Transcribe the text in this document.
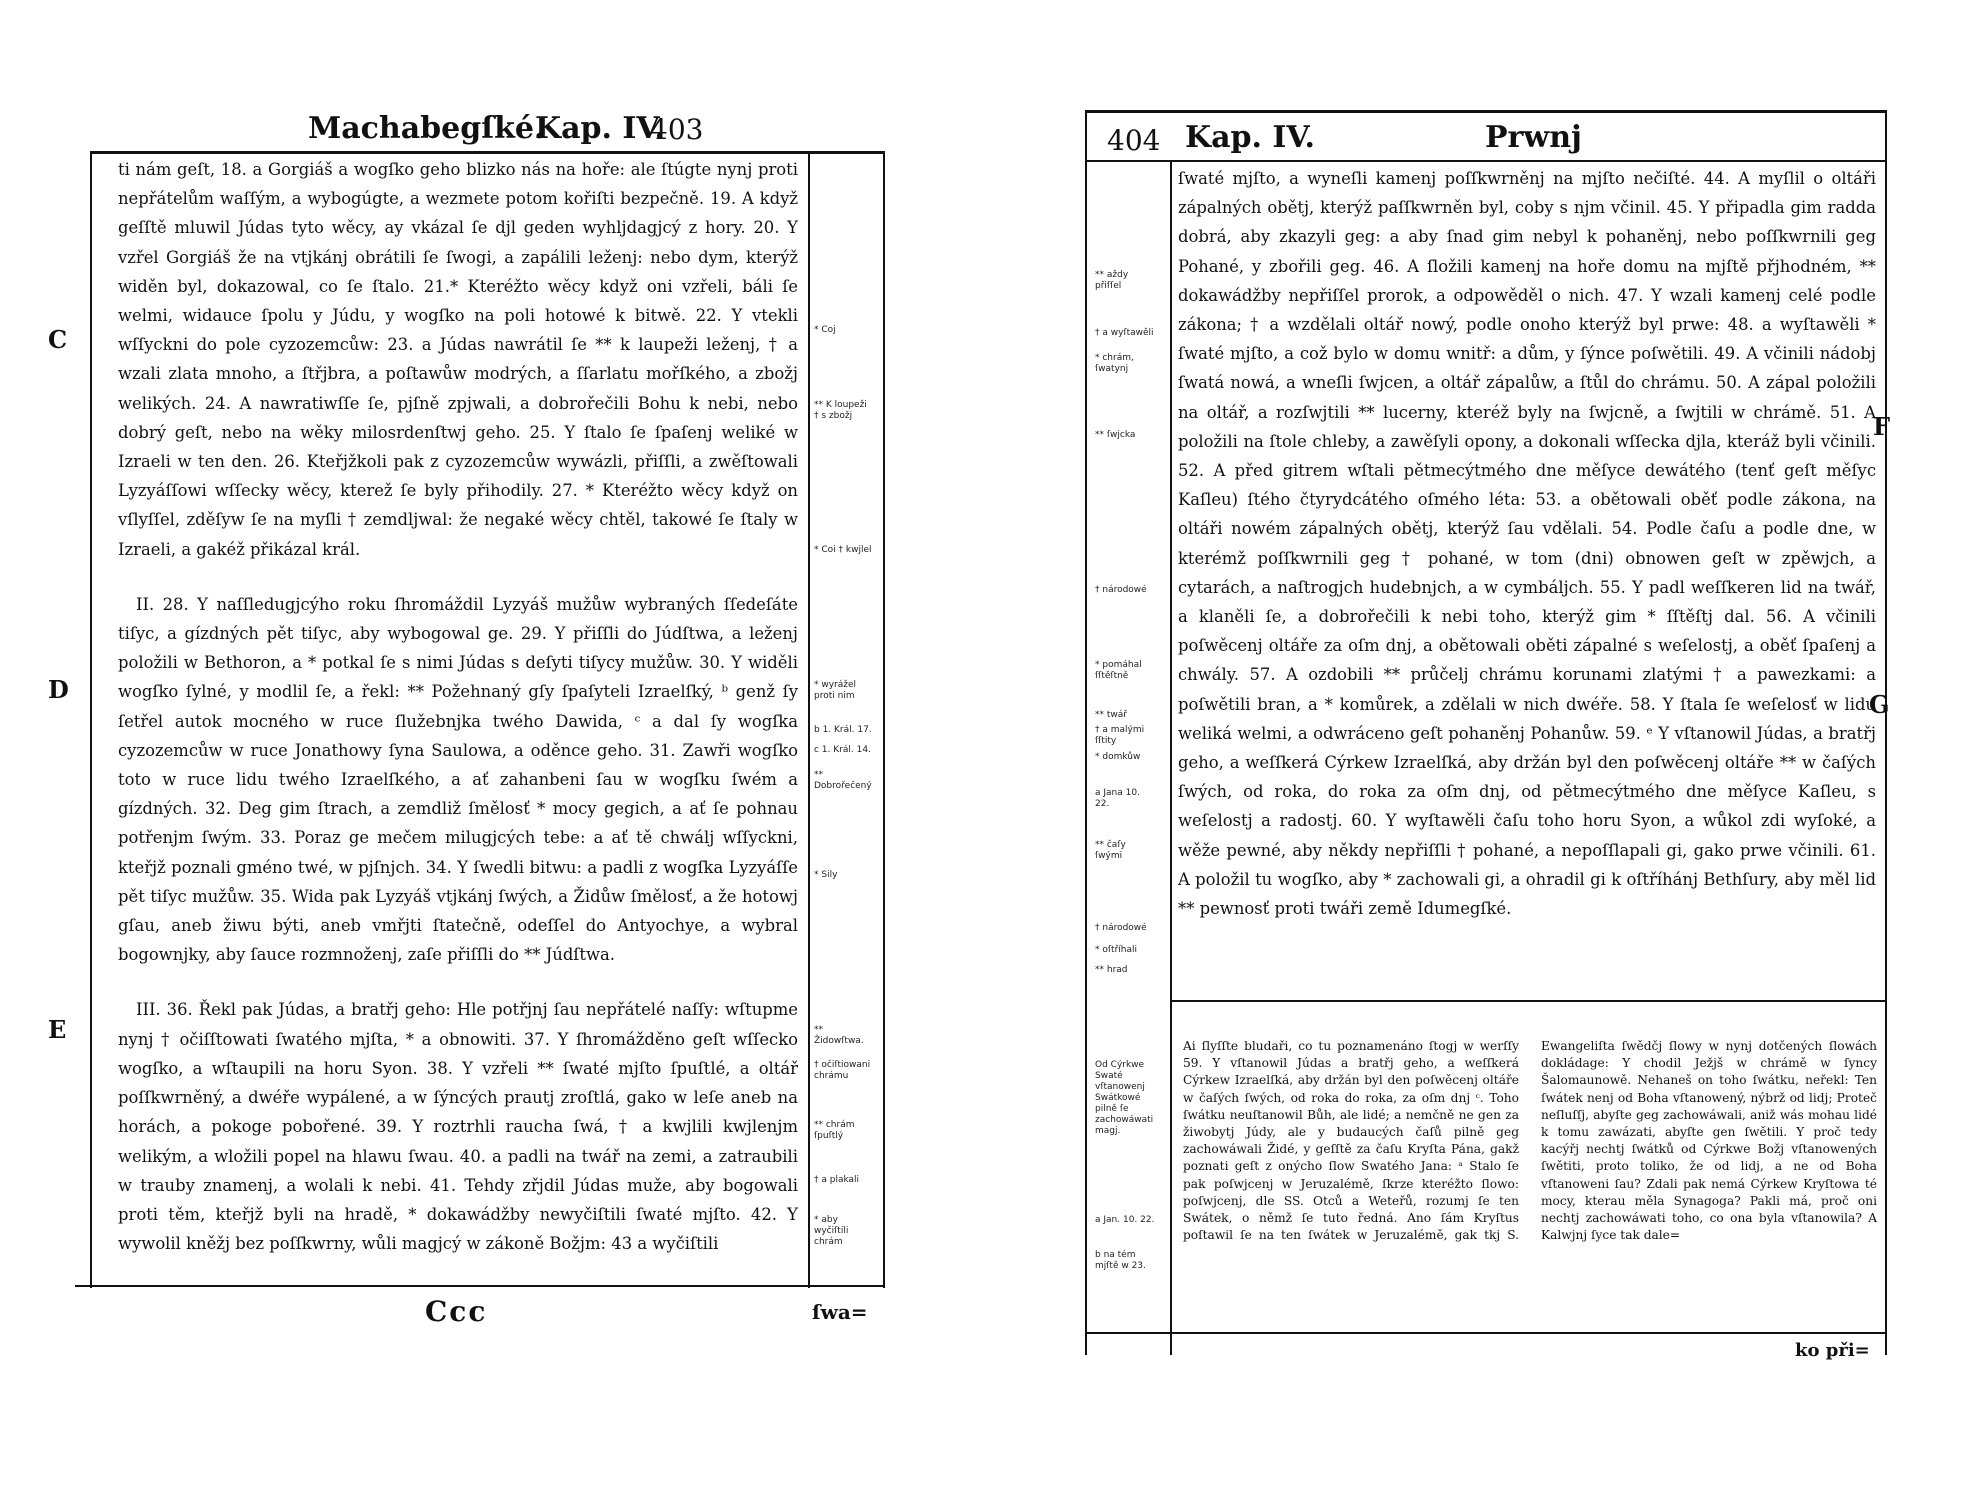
Machabegſké.
Kap. IV.
403

ti nám geſt, 18. a Gorgiáš a wogſko geho blizko nás na hoře: ale ſtúgte nynj proti nepřátelům waſſým, a wybogúgte, a wezmete potom kořiſti bezpečně. 19. A když geſſtě mluwil Júdas tyto wěcy, ay vkázal ſe djl geden wyhljdagjcý z hory. 20. Y vzřel Gorgiáš že na vtjkánj obrátili ſe ſwogi, a zapálili leženj: nebo dym, kterýž widěn byl, dokazowal, co ſe ſtalo. 21.* Kteréžto wěcy když oni vzřeli, báli ſe welmi, widauce ſpolu y Júdu, y wogſko na poli hotowé k bitwě. 22. Y vtekli wſſyckni do pole cyzozemcůw: 23. a Júdas nawrátil ſe ** k laupeži leženj, † a wzali zlata mnoho, a ſtřjbra, a poſtawůw modrých, a ſſarlatu mořſkého, a zbožj welikých. 24. A nawratiwſſe ſe, pjſně zpjwali, a dobrořečili Bohu k nebi, nebo dobrý geſt, nebo na wěky milosrdenſtwj geho. 25. Y ſtalo ſe ſpaſenj weliké w Izraeli w ten den. 26. Kteřjžkoli pak z cyzozemcůw wywázli, přiſſli, a zwěſtowali Lyzyáſſowi wſſecky wěcy, kterež ſe byly přihodily. 27. * Kteréžto wěcy když on vſlyſſel, zděſyw ſe na myſli † zemdljwal: že negaké wěcy chtěl, takowé ſe ſtaly w Izraeli, a gakéž přikázal král.

II. 28. Y naſſledugjcýho roku ſhromáždil Lyzyáš mužůw wybraných ſſedeſáte tiſyc, a gízdných pět tiſyc, aby wybogowal ge. 29. Y přiſſli do Júdſtwa, a leženj položili w Bethoron, a * potkal ſe s nimi Júdas s deſyti tiſycy mužůw. 30. Y widěli wogſko ſylné, y modlil ſe, a řekl: ** Požehnaný gſy ſpaſyteli Izraelſký, ᵇ genž ſy ſetřel autok mocného w ruce ſlužebnjka twého Dawida, ᶜ a dal ſy wogſka cyzozemcůw w ruce Jonathowy ſyna Saulowa, a oděnce geho. 31. Zawři wogſko toto w ruce lidu twého Izraelſkého, a ať zahanbeni ſau w wogſku ſwém a gízdných. 32. Deg gim ſtrach, a zemdliž ſmělosť * mocy gegich, a ať ſe pohnau potřenjm ſwým. 33. Poraz ge mečem milugjcých tebe: a ať tě chwálj wſſyckni, kteřjž poznali gméno twé, w pjſnjch. 34. Y ſwedli bitwu: a padli z wogſka Lyzyáſſe pět tiſyc mužůw. 35. Wida pak Lyzyáš vtjkánj ſwých, a Židůw ſmělosť, a že hotowj gſau, aneb žiwu býti, aneb vmřjti ſtatečně, odeſſel do Antyochye, a wybral bogownjky, aby ſauce rozmnoženj, zaſe přiſſli do ** Júdſtwa.

III. 36. Řekl pak Júdas, a bratřj geho: Hle potřjnj ſau nepřátelé naſſy: wſtupme nynj † očiſſtowati ſwatého mjſta, * a obnowiti. 37. Y ſhromážděno geſt wſſecko wogſko, a wſtaupili na horu Syon. 38. Y vzřeli ** ſwaté mjſto ſpuſtlé, a oltář poſſkwrněný, a dwéře wypálené, a w ſýncých prautj zroſtlá, gako w leſe aneb na horách, a pokoge pobořené. 39. Y roztrhli raucha ſwá, † a kwjlili kwjlenjm welikým, a wložili popel na hlawu ſwau. 40. a padli na twář na zemi, a zatraubili w trauby znamenj, a wolali k nebi. 41. Tehdy zřjdil Júdas muže, aby bogowali proti těm, kteřjž byli na hradě, * dokawádžby newyčiſtili ſwaté mjſto. 42. Y wywolil kněžj bez poſſkwrny, wůli magjcý w zákoně Božjm: 43 a wyčiſtili

* Coj
** K loupeži † s zbožj
* Coi † kwjlel
* wyrážel proti nim
b 1. Král. 17.
c 1. Král. 14.
** Dobrořečený
* Sily
** Židowſtwa.
† očiſtiowani chrámu
** chrám ſpuſtlý
† a plakali
* aby wyčiſtili chrám
C
D
E
Ccc	ſwa=
404 Kap. IV.	Prwnj

ſwaté mjſto, a wyneſli kamenj poſſkwrněnj na mjſto nečiſté. 44. A myſlil o oltáři zápalných obětj, kterýž paſſkwrněn byl, coby s njm včinil. 45. Y připadla gim radda dobrá, aby zkazyli geg: a aby ſnad gim nebyl k pohaněnj, nebo poſſkwrnili geg Pohané, y zbořili geg. 46. A ſložili kamenj na hoře domu na mjſtě přjhodném, ** dokawádžby nepřiſſel prorok, a odpowěděl o nich. 47. Y wzali kamenj celé podle zákona; † a wzdělali oltář nowý, podle onoho kterýž byl prwe: 48. a wyſtawěli * ſwaté mjſto, a což bylo w domu wnitř: a dům, y ſýnce poſwětili. 49. A včinili nádobj ſwatá nowá, a wneſli ſwjcen, a oltář zápalůw, a ſtůl do chrámu. 50. A zápal položili na oltář, a rozſwjtili ** lucerny, kteréž byly na ſwjcně, a ſwjtili w chrámě. 51. A položili na ſtole chleby, a zawěſyli opony, a dokonali wſſecka djla, kteráž byli včinili. 52. A před gitrem wſtali pětmecýtmého dne měſyce dewátého (tenť geſt měſyc Kaſleu) ſtého čtyrydcátého oſmého léta: 53. a obětowali oběť podle zákona, na oltáři nowém zápalných obětj, kterýž ſau vdělali. 54. Podle čaſu a podle dne, w kterémž poſſkwrnili geg † pohané, w tom (dni) obnowen geſt w zpěwjch, a cytarách, a naſtrogjch hudebnjch, a w cymbáljch. 55. Y padl weſſkeren lid na twář, a klaněli ſe, a dobrořečili k nebi toho, kterýž gim * ſſtěſtj dal. 56. A včinili poſwěcenj oltáře za oſm dnj, a obětowali oběti zápalné s weſelostj, a oběť ſpaſenj a chwály. 57. A ozdobili ** průčelj chrámu korunami zlatými † a pawezkami: a poſwětili bran, a * komůrek, a zdělali w nich dwéře. 58. Y ſtala ſe weſelosť w lidu weliká welmi, a odwráceno geſt pohaněnj Pohanůw. 59. ᵉ Y vſtanowil Júdas, a bratřj geho, a weſſkerá Cýrkew Izraelſká, aby držán byl den poſwěcenj oltáře ** w čaſých ſwých, od roka, do roka za oſm dnj, od pětmecýtmého dne měſyce Kaſleu, s weſelostj a radostj. 60. Y wyſtawěli čaſu toho horu Syon, a wůkol zdi wyſoké, a wěže pewné, aby někdy nepřiſſli † pohané, a nepoſſlapali gi, gako prwe včinili. 61. A položil tu wogſko, aby * zachowali gi, a ohradil gi k oſtříhánj Bethſury, aby měl lid ** pewnosť proti twáři země Idumegſké.

Ai ſlyſſte bludaři, co tu poznamenáno ſtogj w werſſy 59. Y vſtanowil Júdas a bratřj geho, a weſſkerá Cýrkew Izraelſká, aby držán byl den poſwěcenj oltáře w čaſých ſwých, od roka do roka, za oſm dnj ᶜ. Toho ſwátku neuſtanowil Bůh, ale lidé; a nemčně ne gen za žiwobytj Júdy, ale y budaucých čaſů pilně geg zachowáwali Židé, y geſſtě za čaſu Kryſta Pána, gakž poznati geſt z onýcho ſlow Swatého Jana: ᵃ Stalo ſe pak poſwjcenj w Jeruzalémě, ſkrze kteréžto ſlowo: poſwjcenj, dle SS. Otců a Weteřů, rozumj ſe ten Swátek, o němž ſe tuto ředná. Ano ſám Kryſtus poſtawil ſe na ten ſwátek w Jeruzalémě, gak tkj S. Ewangeliſta ſwědčj ſlowy w nynj dotčených ſlowách dokládage: Y chodil Ježjš w chrámě w ſyncy Šalomaunowě. Nehaneš on toho ſwátku, neřekl: Ten ſwátek nenj od Boha vſtanowený, nýbrž od lidj; Proteč neſluſſj, abyſte geg zachowáwali, aniž wás mohau lidé k tomu zawázati, abyſte gen ſwětili. Y proč tedy kacýřj nechtj ſwátků od Cýrkwe Božj vſtanowených ſwětiti, proto toliko, že od lidj, a ne od Boha vſtanoweni ſau? Zdali pak nemá Cýrkew Kryſtowa té mocy, kterau měla Synagoga? Pakli má, proč oni nechtj zachowáwati toho, co ona byla vſtanowila? A Kalwjnj ſyce tak dale=

** aždy přiſſel
† a wyſtawěli
* chrám, ſwatynj
** ſwjcka
† národowé
* pomáhal ſſtěſtně
** twář
† a malými ſſtity
* domkůw
a Jana 10. 22.
** čaſy ſwými
† národowé
* oſtříhali
** hrad
Od Cýrkwe Swaté vſtanowenj Swátkowé pilně ſe zachowáwati magj.
a Jan. 10. 22.
b na tém mjſtě w 23.
F
G
ko při=
